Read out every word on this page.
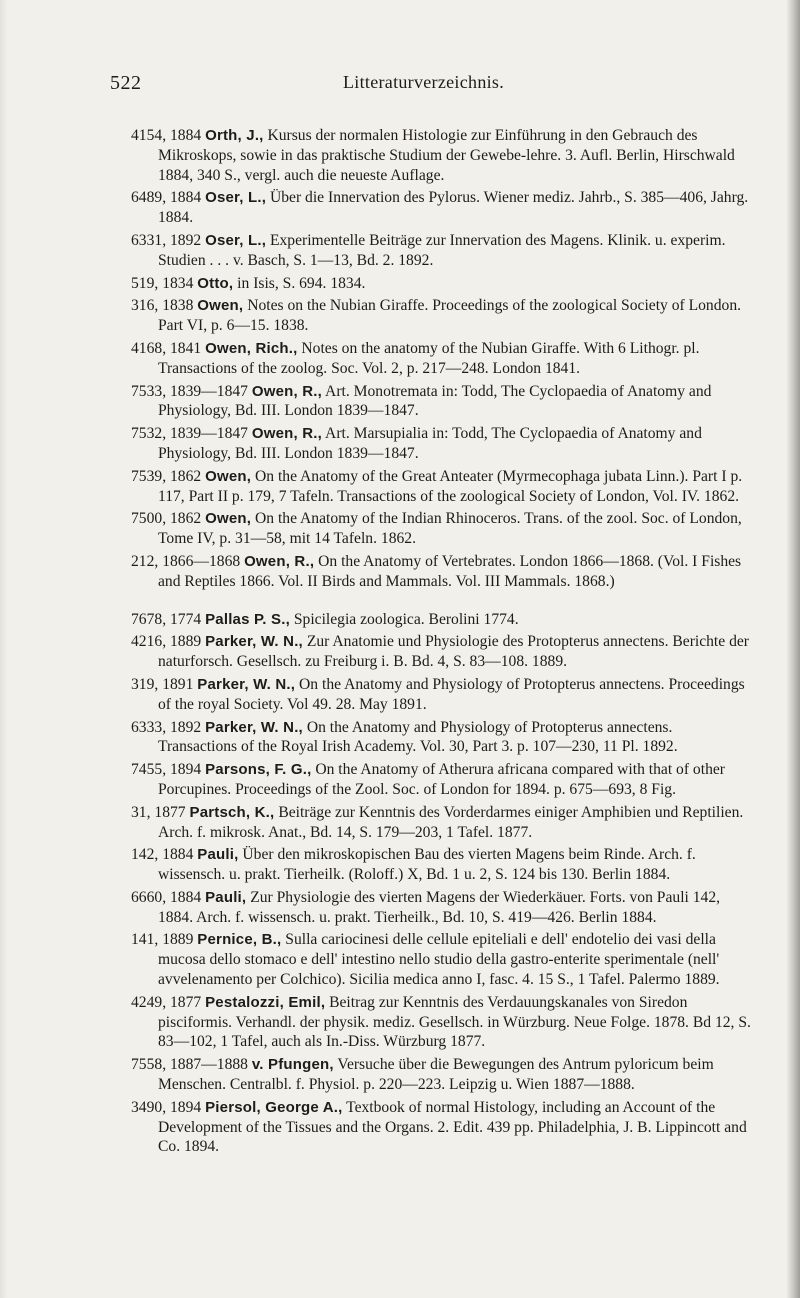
522	Litteraturverzeichnis.

4154, 1884 Orth, J., Kursus der normalen Histologie zur Einführung in den Gebrauch des Mikroskops, sowie in das praktische Studium der Gewebe-lehre. 3. Aufl. Berlin, Hirschwald 1884, 340 S., vergl. auch die neueste Auflage.

6489, 1884 Oser, L., Über die Innervation des Pylorus. Wiener mediz. Jahrb., S. 385—406, Jahrg. 1884.

6331, 1892 Oser, L., Experimentelle Beiträge zur Innervation des Magens. Klinik. u. experim. Studien . . . v. Basch, S. 1—13, Bd. 2. 1892.

519, 1834 Otto, in Isis, S. 694. 1834.

316, 1838 Owen, Notes on the Nubian Giraffe. Proceedings of the zoological Society of London. Part VI, p. 6—15. 1838.

4168, 1841 Owen, Rich., Notes on the anatomy of the Nubian Giraffe. With 6 Lithogr. pl. Transactions of the zoolog. Soc. Vol. 2, p. 217—248. London 1841.

7533, 1839—1847 Owen, R., Art. Monotremata in: Todd, The Cyclopaedia of Anatomy and Physiology, Bd. III. London 1839—1847.

7532, 1839—1847 Owen, R., Art. Marsupialia in: Todd, The Cyclopaedia of Anatomy and Physiology, Bd. III. London 1839—1847.

7539, 1862 Owen, On the Anatomy of the Great Anteater (Myrmecophaga jubata Linn.). Part I p. 117, Part II p. 179, 7 Tafeln. Transactions of the zoological Society of London, Vol. IV. 1862.

7500, 1862 Owen, On the Anatomy of the Indian Rhinoceros. Trans. of the zool. Soc. of London, Tome IV, p. 31—58, mit 14 Tafeln. 1862.

212, 1866—1868 Owen, R., On the Anatomy of Vertebrates. London 1866—1868. (Vol. I Fishes and Reptiles 1866. Vol. II Birds and Mammals. Vol. III Mammals. 1868.)

7678, 1774 Pallas P. S., Spicilegia zoologica. Berolini 1774.

4216, 1889 Parker, W. N., Zur Anatomie und Physiologie des Protopterus annectens. Berichte der naturforsch. Gesellsch. zu Freiburg i. B. Bd. 4, S. 83—108. 1889.

319, 1891 Parker, W. N., On the Anatomy and Physiology of Protopterus annectens. Proceedings of the royal Society. Vol 49. 28. May 1891.

6333, 1892 Parker, W. N., On the Anatomy and Physiology of Protopterus annectens. Transactions of the Royal Irish Academy. Vol. 30, Part 3. p. 107—230, 11 Pl. 1892.

7455, 1894 Parsons, F. G., On the Anatomy of Atherura africana compared with that of other Porcupines. Proceedings of the Zool. Soc. of London for 1894. p. 675—693, 8 Fig.

31, 1877 Partsch, K., Beiträge zur Kenntnis des Vorderdarmes einiger Amphibien und Reptilien. Arch. f. mikrosk. Anat., Bd. 14, S. 179—203, 1 Tafel. 1877.

142, 1884 Pauli, Über den mikroskopischen Bau des vierten Magens beim Rinde. Arch. f. wissensch. u. prakt. Tierheilk. (Roloff.) X, Bd. 1 u. 2, S. 124 bis 130. Berlin 1884.

6660, 1884 Pauli, Zur Physiologie des vierten Magens der Wiederkäuer. Forts. von Pauli 142, 1884. Arch. f. wissensch. u. prakt. Tierheilk., Bd. 10, S. 419—426. Berlin 1884.

141, 1889 Pernice, B., Sulla cariocinesi delle cellule epiteliali e dell' endotelio dei vasi della mucosa dello stomaco e dell' intestino nello studio della gastro-enterite sperimentale (nell' avvelenamento per Colchico). Sicilia medica anno I, fasc. 4. 15 S., 1 Tafel. Palermo 1889.

4249, 1877 Pestalozzi, Emil, Beitrag zur Kenntnis des Verdauungskanales von Siredon pisciformis. Verhandl. der physik. mediz. Gesellsch. in Würzburg. Neue Folge. 1878. Bd 12, S. 83—102, 1 Tafel, auch als In.-Diss. Würzburg 1877.

7558, 1887—1888 v. Pfungen, Versuche über die Bewegungen des Antrum pyloricum beim Menschen. Centralbl. f. Physiol. p. 220—223. Leipzig u. Wien 1887—1888.

3490, 1894 Piersol, George A., Textbook of normal Histology, including an Account of the Development of the Tissues and the Organs. 2. Edit. 439 pp. Philadelphia, J. B. Lippincott and Co. 1894.
